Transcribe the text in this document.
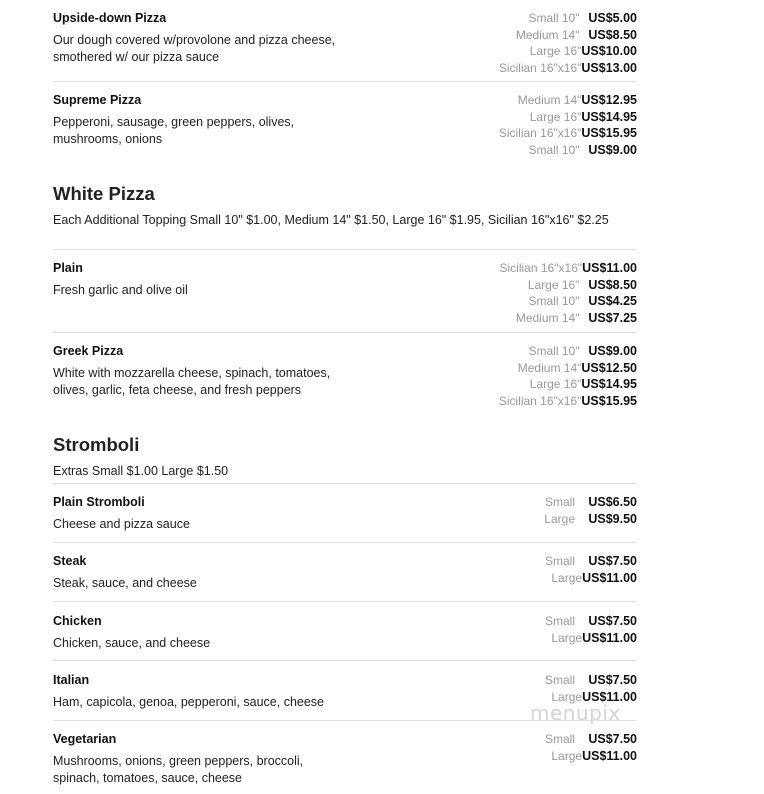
Upside-down Pizza
Our dough covered w/provolone and pizza cheese, smothered w/ our pizza sauce
Small 10" US$5.00
Medium 14" US$8.50
Large 16"US$10.00
Sicilian 16"x16"US$13.00
Supreme Pizza
Pepperoni, sausage, green peppers, olives, mushrooms, onions
Medium 14"US$12.95
Large 16"US$14.95
Sicilian 16"x16"US$15.95
Small 10" US$9.00
White Pizza
Each Additional Topping Small 10" $1.00, Medium 14" $1.50, Large 16" $1.95, Sicilian 16"x16" $2.25
Plain
Fresh garlic and olive oil
Sicilian 16"x16"US$11.00
Large 16" US$8.50
Small 10" US$4.25
Medium 14" US$7.25
Greek Pizza
White with mozzarella cheese, spinach, tomatoes, olives, garlic, feta cheese, and fresh peppers
Small 10" US$9.00
Medium 14"US$12.50
Large 16"US$14.95
Sicilian 16"x16"US$15.95
Stromboli
Extras Small $1.00 Large $1.50
Plain Stromboli
Cheese and pizza sauce
Small US$6.50
Large US$9.50
Steak
Steak, sauce, and cheese
Small US$7.50
LargeUS$11.00
Chicken
Chicken, sauce, and cheese
Small US$7.50
LargeUS$11.00
Italian
Ham, capicola, genoa, pepperoni, sauce, cheese
Small US$7.50
LargeUS$11.00
Vegetarian
Mushrooms, onions, green peppers, broccoli, spinach, tomatoes, sauce, cheese
Small US$7.50
LargeUS$11.00
menupix
